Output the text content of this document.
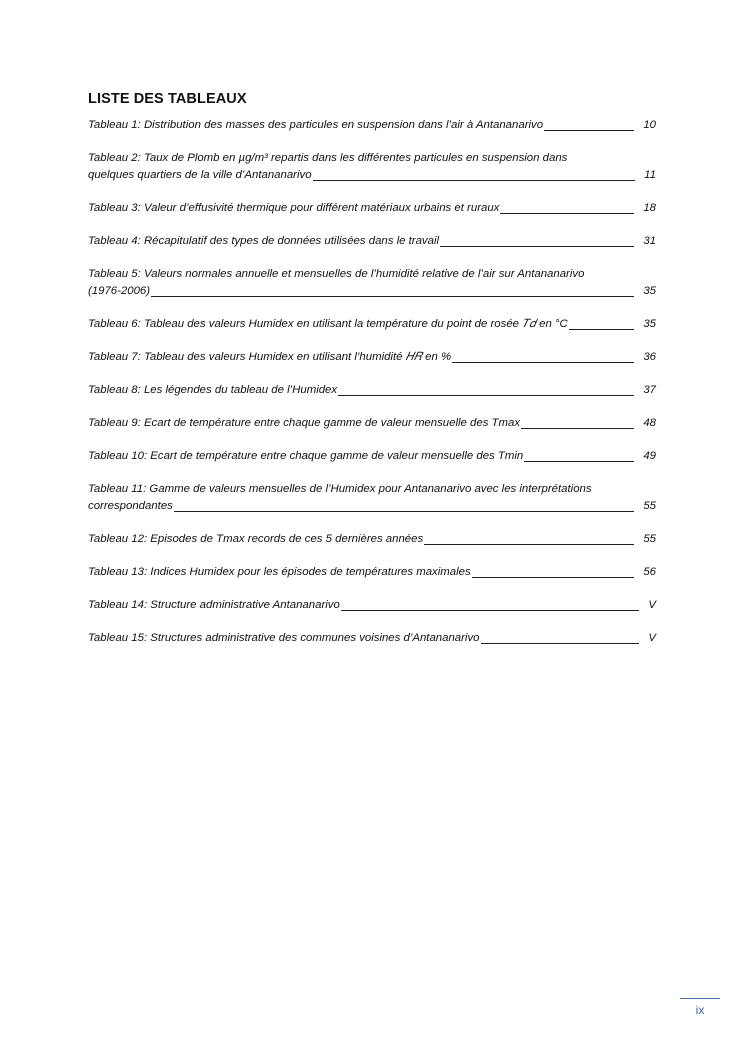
LISTE DES TABLEAUX
Tableau 1: Distribution des masses des particules en suspension dans l’air à Antananarivo	10
Tableau 2: Taux de Plomb en µg/m³ repartis dans les différentes particules en suspension dans
quelques quartiers de la ville d’Antananarivo	11
Tableau 3: Valeur d’effusivité thermique pour différent matériaux urbains et ruraux	18
Tableau 4: Récapitulatif des types de données utilisées dans le travail	31
Tableau 5: Valeurs normales annuelle et mensuelles de l’humidité relative de l’air sur Antananarivo
(1976-2006)	35
Tableau 6: Tableau des valeurs Humidex en utilisant la température du point de rosée 𝑇𝑑 en °C	35
Tableau 7: Tableau des valeurs Humidex en utilisant l’humidité 𝐻𝑅 en %	36
Tableau 8: Les légendes du tableau de l’Humidex	37
Tableau 9: Ecart de température entre chaque gamme de valeur mensuelle des Tmax	48
Tableau 10: Ecart de température entre chaque gamme de valeur mensuelle des Tmin	49
Tableau 11: Gamme de valeurs mensuelles de l’Humidex pour Antananarivo avec les interprétations
correspondantes	55
Tableau 12: Episodes de Tmax records de ces 5 dernières années	55
Tableau 13: Indices Humidex pour les épisodes de températures maximales	56
Tableau 14: Structure administrative Antananarivo	V
Tableau 15: Structures administrative des communes voisines d’Antananarivo	V
ix
